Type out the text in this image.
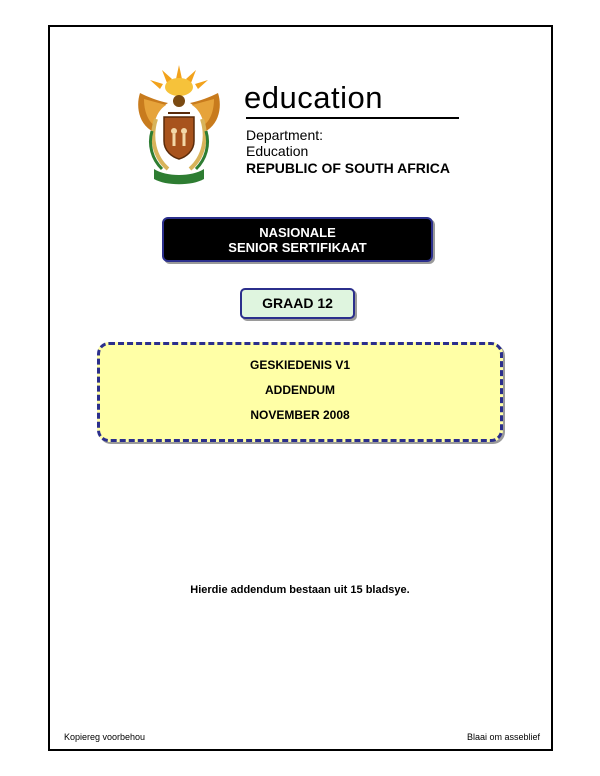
education
Department:
Education
REPUBLIC OF SOUTH AFRICA
NASIONALE
SENIOR SERTIFIKAAT
GRAAD 12
GESKIEDENIS V1
ADDENDUM
NOVEMBER 2008
Hierdie addendum bestaan uit 15 bladsye.
Kopiereg voorbehou	Blaai om asseblief
